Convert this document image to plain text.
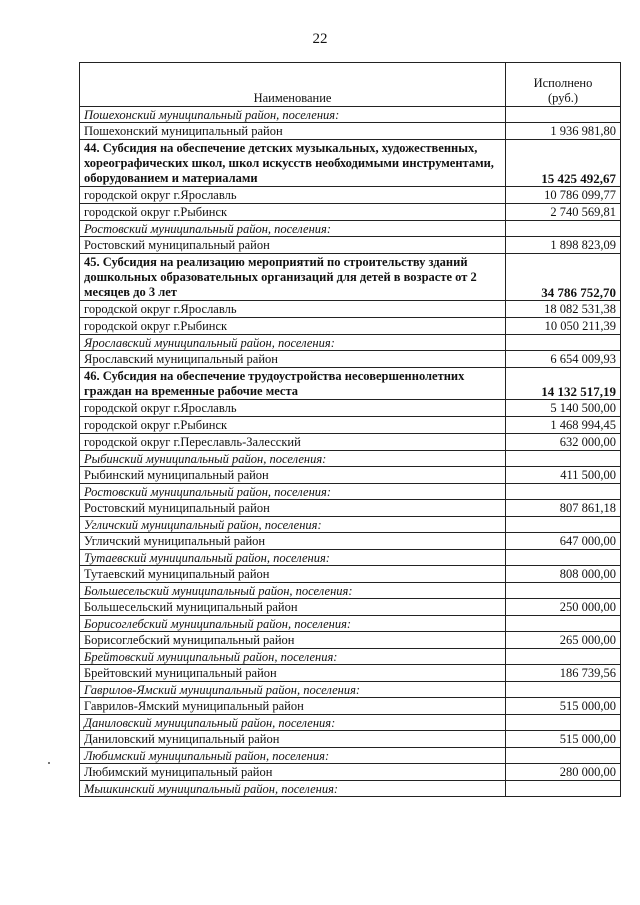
22
Наименование	Исполнено
(руб.)
Пошехонский муниципальный район, поселения:	
Пошехонский муниципальный район	1 936 981,80
44. Субсидия на обеспечение детских музыкальных, художественных, хореографических школ, школ искусств необходимыми инструментами, оборудованием и материалами	15 425 492,67
городской округ г.Ярославль	10 786 099,77
городской округ г.Рыбинск	2 740 569,81
Ростовский муниципальный район, поселения:	
Ростовский муниципальный район	1 898 823,09
45. Субсидия на реализацию мероприятий по строительству зданий дошкольных образовательных организаций для детей в возрасте от 2 месяцев до 3 лет	34 786 752,70
городской округ г.Ярославль	18 082 531,38
городской округ г.Рыбинск	10 050 211,39
Ярославский муниципальный район, поселения:	
Ярославский муниципальный район	6 654 009,93
46. Субсидия на обеспечение трудоустройства несовершеннолетних граждан на временные рабочие места	14 132 517,19
городской округ г.Ярославль	5 140 500,00
городской округ г.Рыбинск	1 468 994,45
городской округ г.Переславль-Залесский	632 000,00
Рыбинский муниципальный район, поселения:	
Рыбинский муниципальный район	411 500,00
Ростовский муниципальный район, поселения:	
Ростовский муниципальный район	807 861,18
Угличский муниципальный район, поселения:	
Угличский муниципальный район	647 000,00
Тутаевский муниципальный район, поселения:	
Тутаевский муниципальный район	808 000,00
Большесельский муниципальный район, поселения:	
Большесельский муниципальный район	250 000,00
Борисоглебский муниципальный район, поселения:	
Борисоглебский муниципальный район	265 000,00
Брейтовский муниципальный район, поселения:	
Брейтовский муниципальный район	186 739,56
Гаврилов-Ямский муниципальный район, поселения:	
Гаврилов-Ямский муниципальный район	515 000,00
Даниловский муниципальный район, поселения:	
Даниловский муниципальный район	515 000,00
Любимский муниципальный район, поселения:	
Любимский муниципальный район	280 000,00
Мышкинский муниципальный район, поселения:	
